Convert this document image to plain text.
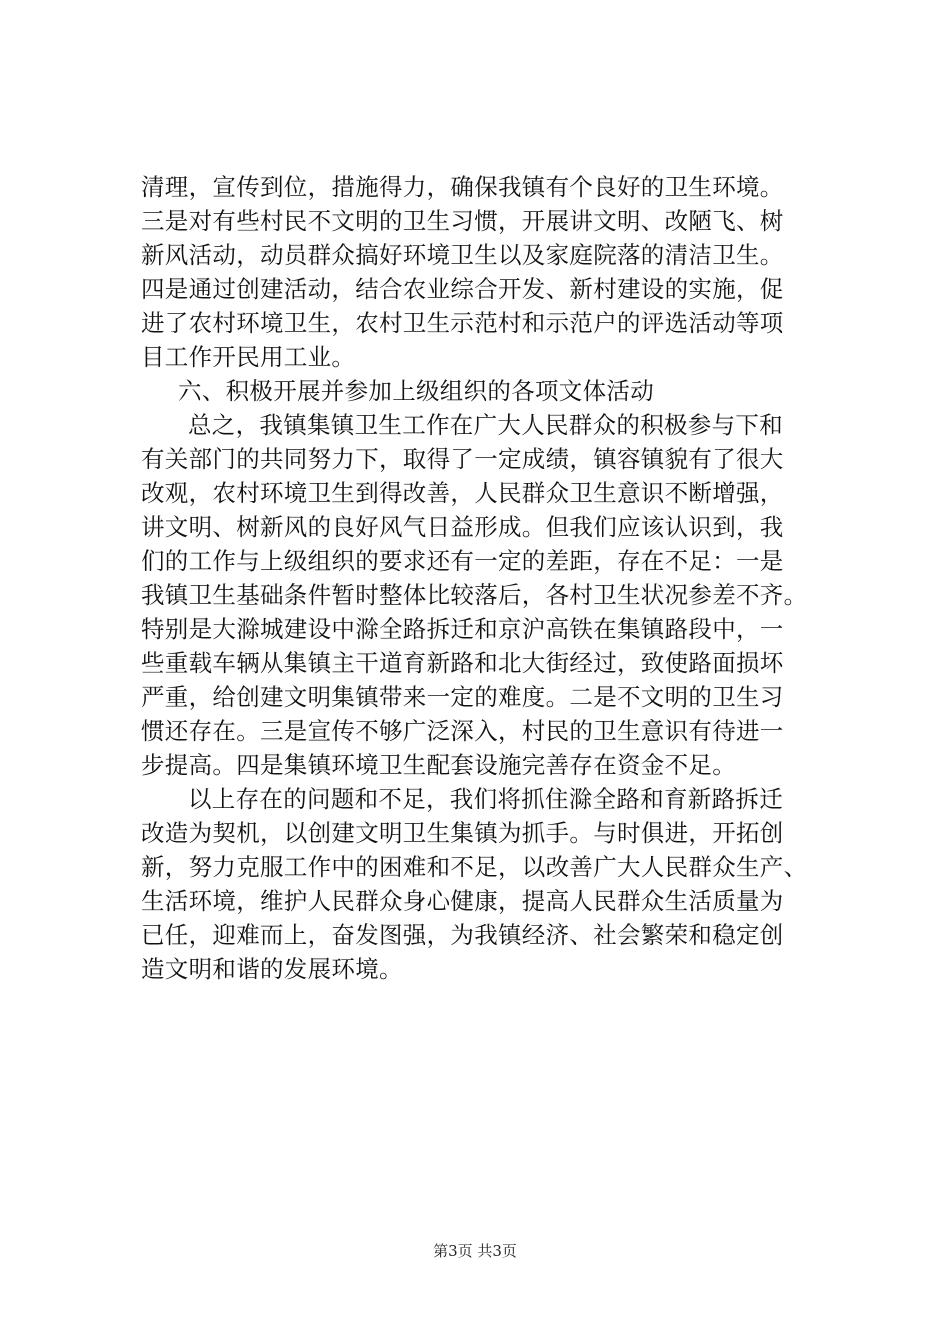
清理，宣传到位，措施得力，确保我镇有个良好的卫生环境。
三是对有些村民不文明的卫生习惯，开展讲文明、改陋飞、树
新风活动，动员群众搞好环境卫生以及家庭院落的清洁卫生。
四是通过创建活动，结合农业综合开发、新村建设的实施，促
进了农村环境卫生，农村卫生示范村和示范户的评选活动等项
目工作开民用工业。
六、积极开展并参加上级组织的各项文体活动
总之，我镇集镇卫生工作在广大人民群众的积极参与下和
有关部门的共同努力下，取得了一定成绩，镇容镇貌有了很大
改观，农村环境卫生到得改善，人民群众卫生意识不断增强，
讲文明、树新风的良好风气日益形成。但我们应该认识到，我
们的工作与上级组织的要求还有一定的差距，存在不足：一是
我镇卫生基础条件暂时整体比较落后，各村卫生状况参差不齐。
特别是大滁城建设中滁全路拆迁和京沪高铁在集镇路段中，一
些重载车辆从集镇主干道育新路和北大街经过，致使路面损坏
严重，给创建文明集镇带来一定的难度。二是不文明的卫生习
惯还存在。三是宣传不够广泛深入，村民的卫生意识有待进一
步提高。四是集镇环境卫生配套设施完善存在资金不足。
以上存在的问题和不足，我们将抓住滁全路和育新路拆迁
改造为契机，以创建文明卫生集镇为抓手。与时俱进，开拓创
新，努力克服工作中的困难和不足，以改善广大人民群众生产、
生活环境，维护人民群众身心健康，提高人民群众生活质量为
已任，迎难而上，奋发图强，为我镇经济、社会繁荣和稳定创
造文明和谐的发展环境。
第3页 共3页
